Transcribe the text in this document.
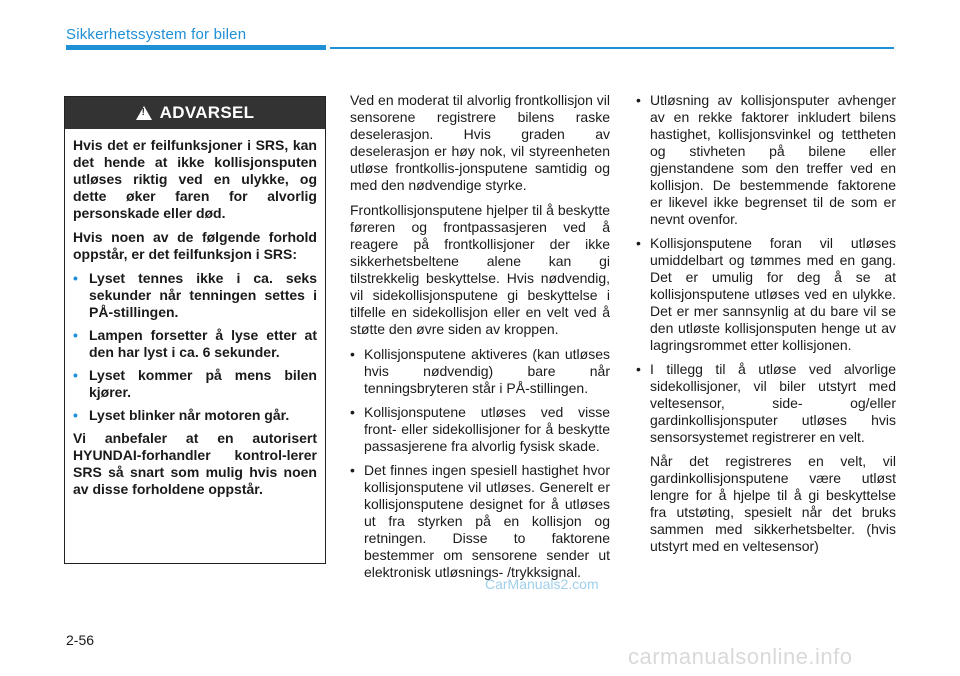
Sikkerhetssystem for bilen
!
ADVARSEL

Hvis det er feilfunksjoner i SRS, kan det hende at ikke kollisjonsputen utløses riktig ved en ulykke, og dette øker faren for alvorlig personskade eller død.

Hvis noen av de følgende forhold oppstår, er det feilfunksjon i SRS:

• Lyset tennes ikke i ca. seks sekunder når tenningen settes i PÅ-stillingen.
• Lampen forsetter å lyse etter at den har lyst i ca. 6 sekunder.
• Lyset kommer på mens bilen kjører.
• Lyset blinker når motoren går.

Vi anbefaler at en autorisert HYUNDAI-forhandler kontrol-lerer SRS så snart som mulig hvis noen av disse forholdene oppstår.

Ved en moderat til alvorlig frontkollisjon vil sensorene registrere bilens raske deselerasjon. Hvis graden av deselerasjon er høy nok, vil styreenheten utløse frontkollis-jonsputene samtidig og med den nødvendige styrke.

Frontkollisjonsputene hjelper til å beskytte føreren og frontpassasjeren ved å reagere på frontkollisjoner der ikke sikkerhetsbeltene alene kan gi tilstrekkelig beskyttelse. Hvis nødvendig, vil sidekollisjonsputene gi beskyttelse i tilfelle en sidekollisjon eller en velt ved å støtte den øvre siden av kroppen.

• Kollisjonsputene aktiveres (kan utløses hvis nødvendig) bare når tenningsbryteren står i PÅ-stillingen.
• Kollisjonsputene utløses ved visse front- eller sidekollisjoner for å beskytte passasjerene fra alvorlig fysisk skade.
• Det finnes ingen spesiell hastighet hvor kollisjonsputene vil utløses. Generelt er kollisjonsputene designet for å utløses ut fra styrken på en kollisjon og retningen. Disse to faktorene bestemmer om sensorene sender ut elektronisk utløsnings- /trykksignal.
• Utløsning av kollisjonsputer avhenger av en rekke faktorer inkludert bilens hastighet, kollisjonsvinkel og tettheten og stivheten på bilene eller gjenstandene som den treffer ved en kollisjon. De bestemmende faktorene er likevel ikke begrenset til de som er nevnt ovenfor.
• Kollisjonsputene foran vil utløses umiddelbart og tømmes med en gang. Det er umulig for deg å se at kollisjonsputene utløses ved en ulykke. Det er mer sannsynlig at du bare vil se den utløste kollisjonsputen henge ut av lagringsrommet etter kollisjonen.
• I tillegg til å utløse ved alvorlige sidekollisjoner, vil biler utstyrt med veltesensor, side- og/eller gardinkollisjonsputer utløses hvis sensorsystemet registrerer en velt.

Når det registreres en velt, vil gardinkollisjonsputene være utløst lengre for å hjelpe til å gi beskyttelse fra utstøting, spesielt når det bruks sammen med sikkerhetsbelter. (hvis utstyrt med en veltesensor)

2-56
CarManuals2.com
carmanualsonline.info
